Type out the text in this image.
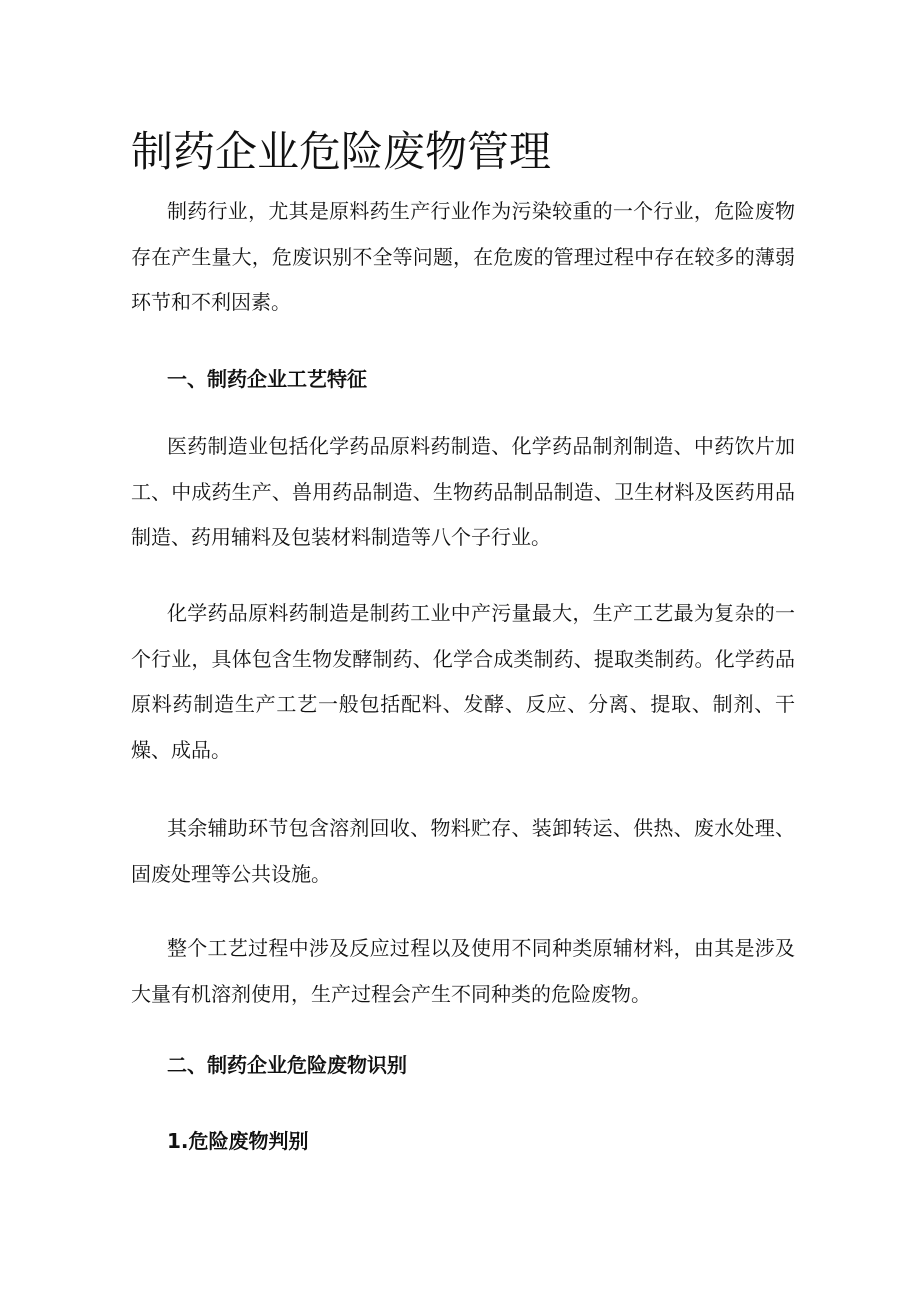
制药企业危险废物管理

制药行业，尤其是原料药生产行业作为污染较重的一个行业，危险废物存在产生量大，危废识别不全等问题，在危废的管理过程中存在较多的薄弱环节和不利因素。

一、制药企业工艺特征

医药制造业包括化学药品原料药制造、化学药品制剂制造、中药饮片加工、中成药生产、兽用药品制造、生物药品制品制造、卫生材料及医药用品制造、药用辅料及包装材料制造等八个子行业。

化学药品原料药制造是制药工业中产污量最大，生产工艺最为复杂的一个行业，具体包含生物发酵制药、化学合成类制药、提取类制药。化学药品原料药制造生产工艺一般包括配料、发酵、反应、分离、提取、制剂、干燥、成品。

其余辅助环节包含溶剂回收、物料贮存、装卸转运、供热、废水处理、固废处理等公共设施。

整个工艺过程中涉及反应过程以及使用不同种类原辅材料，由其是涉及大量有机溶剂使用，生产过程会产生不同种类的危险废物。

二、制药企业危险废物识别
1.危险废物判别
